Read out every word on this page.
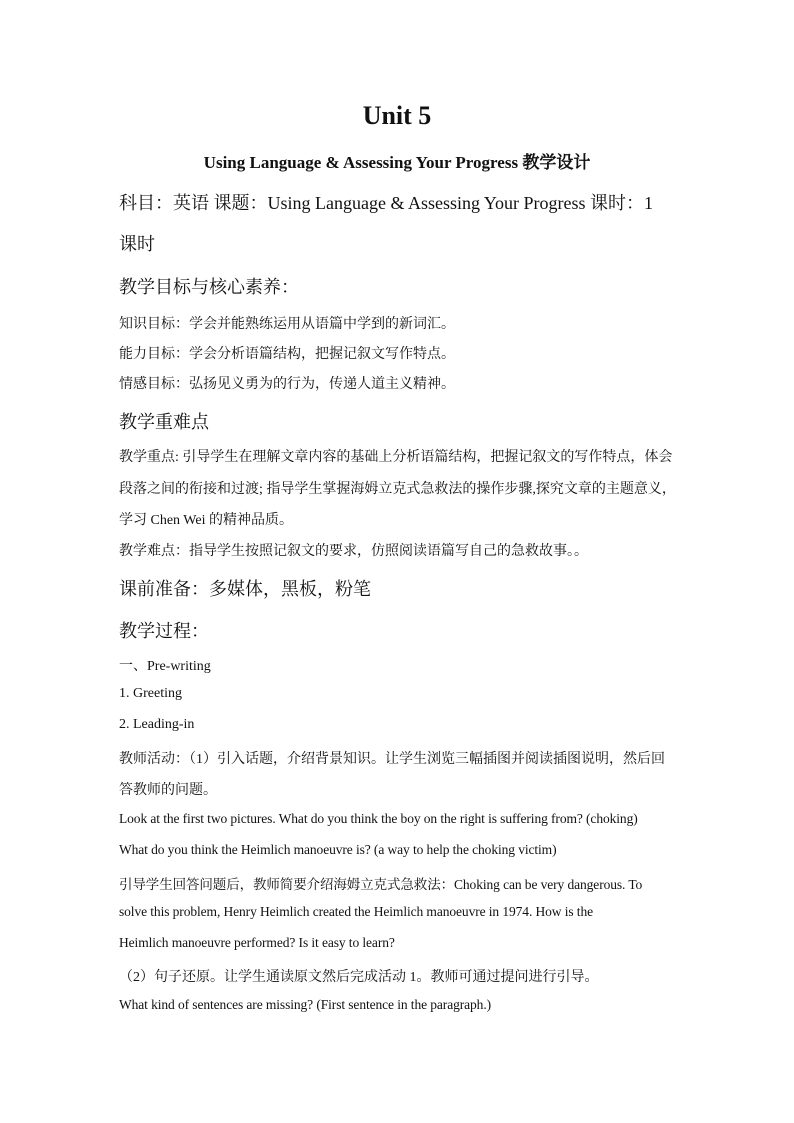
Unit 5
Using Language & Assessing Your Progress 教学设计
科目：英语 课题：Using Language & Assessing Your Progress 课时：1
课时
教学目标与核心素养：
知识目标：学会并能熟练运用从语篇中学到的新词汇。
能力目标：学会分析语篇结构，把握记叙文写作特点。
情感目标：弘扬见义勇为的行为，传递人道主义精神。
教学重难点
教学重点: 引导学生在理解文章内容的基础上分析语篇结构，把握记叙文的写作特点，体会
段落之间的衔接和过渡; 指导学生掌握海姆立克式急救法的操作步骤,探究文章的主题意义，
学习 Chen Wei 的精神品质。
教学难点：指导学生按照记叙文的要求，仿照阅读语篇写自己的急救故事。。
课前准备：多媒体，黑板，粉笔
教学过程：
一、Pre-writing
1. Greeting
2. Leading-in
教师活动：（1）引入话题，介绍背景知识。让学生浏览三幅插图并阅读插图说明，然后回
答教师的问题。
Look at the first two pictures. What do you think the boy on the right is suffering from? (choking)
What do you think the Heimlich manoeuvre is? (a way to help the choking victim)
引导学生回答问题后，教师简要介绍海姆立克式急救法：Choking can be very dangerous. To
solve this problem, Henry Heimlich created the Heimlich manoeuvre in 1974. How is the
Heimlich manoeuvre performed? Is it easy to learn?
（2）句子还原。让学生通读原文然后完成活动 1。教师可通过提问进行引导。
What kind of sentences are missing? (First sentence in the paragraph.)
